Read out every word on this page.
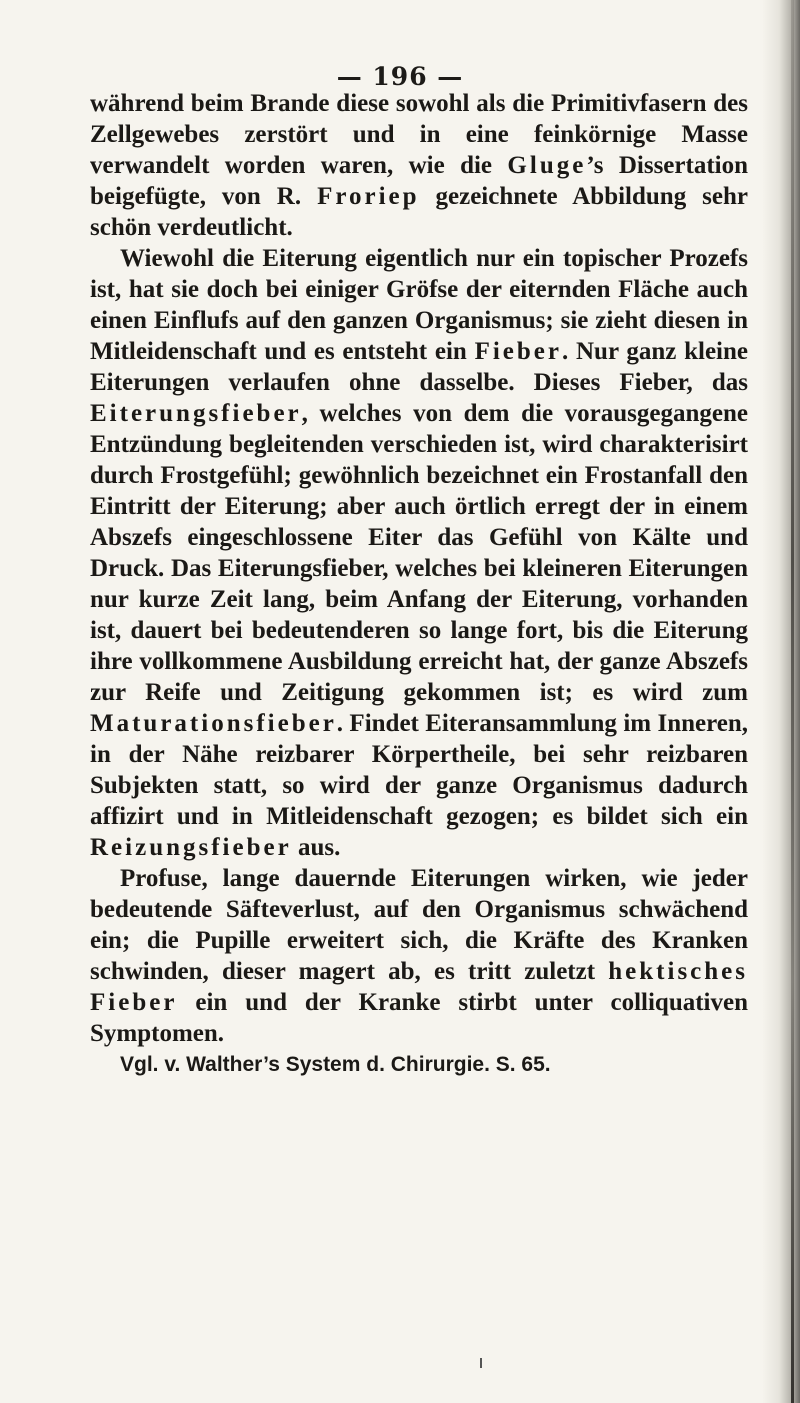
— 196 —

während beim Brande diese sowohl als die Primitivfasern des Zellgewebes zerstört und in eine feinkörnige Masse verwandelt worden waren, wie die Gluge’s Dissertation beigefügte, von R. Froriep gezeichnete Abbildung sehr schön verdeutlicht.

Wiewohl die Eiterung eigentlich nur ein topischer Prozefs ist, hat sie doch bei einiger Gröfse der eiternden Fläche auch einen Einflufs auf den ganzen Organismus; sie zieht diesen in Mitleidenschaft und es entsteht ein Fieber. Nur ganz kleine Eiterungen verlaufen ohne dasselbe. Dieses Fieber, das Eiterungsfieber, welches von dem die vorausgegangene Entzündung begleitenden verschieden ist, wird charakterisirt durch Frostgefühl; gewöhnlich bezeichnet ein Frostanfall den Eintritt der Eiterung; aber auch örtlich erregt der in einem Abszefs eingeschlossene Eiter das Gefühl von Kälte und Druck. Das Eiterungsfieber, welches bei kleineren Eiterungen nur kurze Zeit lang, beim Anfang der Eiterung, vorhanden ist, dauert bei bedeutenderen so lange fort, bis die Eiterung ihre vollkommene Ausbildung erreicht hat, der ganze Abszefs zur Reife und Zeitigung gekommen ist; es wird zum Maturationsfieber. Findet Eiteransammlung im Inneren, in der Nähe reizbarer Körpertheile, bei sehr reizbaren Subjekten statt, so wird der ganze Organismus dadurch affizirt und in Mitleidenschaft gezogen; es bildet sich ein Reizungsfieber aus.

Profuse, lange dauernde Eiterungen wirken, wie jeder bedeutende Säfteverlust, auf den Organismus schwächend ein; die Pupille erweitert sich, die Kräfte des Kranken schwinden, dieser magert ab, es tritt zuletzt hektisches Fieber ein und der Kranke stirbt unter colliquativen Symptomen.

Vgl. v. Walther’s System d. Chirurgie. S. 65.
